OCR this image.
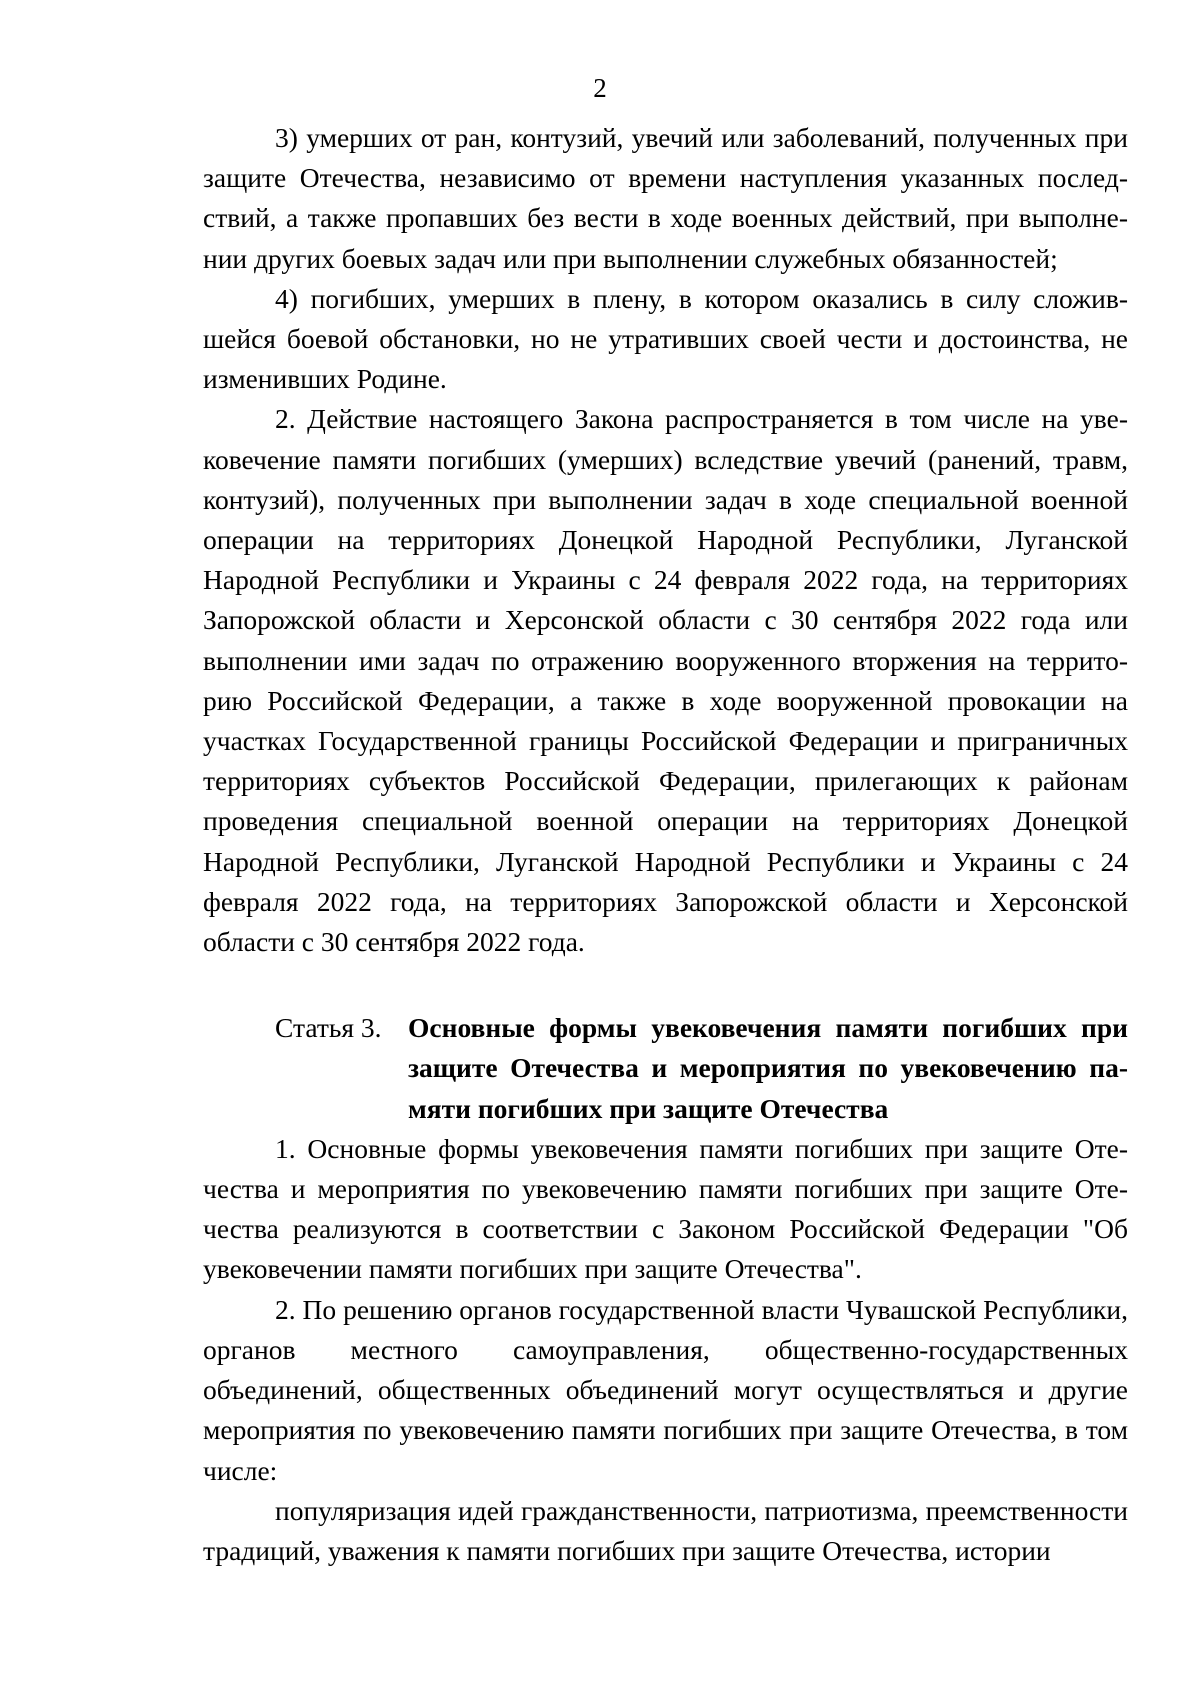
2

3) умерших от ран, контузий, увечий или заболеваний, полученных при защите Отечества, независимо от времени наступления указанных последствий, а также пропавших без вести в ходе военных действий, при выполнении других боевых задач или при выполнении служебных обязанностей;

4) погибших, умерших в плену, в котором оказались в силу сложившейся боевой обстановки, но не утративших своей чести и достоинства, не изменивших Родине.

2. Действие настоящего Закона распространяется в том числе на увековечение памяти погибших (умерших) вследствие увечий (ранений, травм, контузий), полученных при выполнении задач в ходе специальной военной операции на территориях Донецкой Народной Республики, Луганской Народной Республики и Украины с 24 февраля 2022 года, на территориях Запорожской области и Херсонской области с 30 сентября 2022 года или выполнении ими задач по отражению вооруженного вторжения на территорию Российской Федерации, а также в ходе вооруженной провокации на участках Государственной границы Российской Федерации и приграничных территориях субъектов Российской Федерации, прилегающих к районам проведения специальной военной операции на территориях Донецкой Народной Республики, Луганской Народной Республики и Украины с 24 февраля 2022 года, на территориях Запорожской области и Херсонской области с 30 сентября 2022 года.

Статья 3. Основные формы увековечения памяти погибших при защите Отечества и мероприятия по увековечению памяти погибших при защите Отечества

1. Основные формы увековечения памяти погибших при защите Отечества и мероприятия по увековечению памяти погибших при защите Отечества реализуются в соответствии с Законом Российской Федерации "Об увековечении памяти погибших при защите Отечества".

2. По решению органов государственной власти Чувашской Республики, органов местного самоуправления, общественно-государственных объединений, общественных объединений могут осуществляться и другие мероприятия по увековечению памяти погибших при защите Отечества, в том числе:

популяризация идей гражданственности, патриотизма, преемственности традиций, уважения к памяти погибших при защите Отечества, истории
